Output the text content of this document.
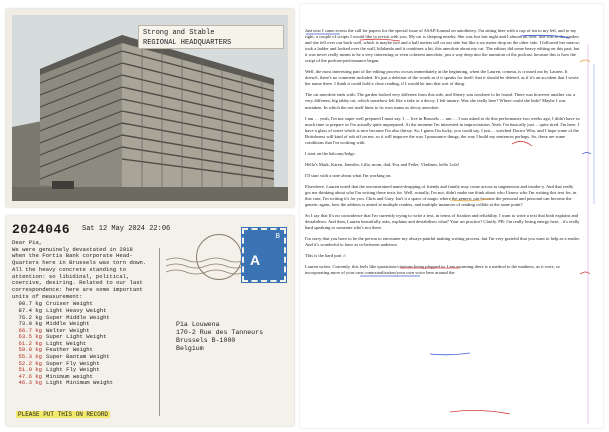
Strong and Stable
REGIONAL HEADQUARTERS
2024046 Sat 12 May 2024 22:06
Dear Pia,
We were genuinely devastated in 2018
when the Fortis Bank corporate Head-
Quarters here in Brussels was torn down.
All the heavy concrete standing to
attention: so libidinal, political,
coercive, desiring. Related to our last
correspondence: here are some important
units of measurement:
90.7 kg Cruiser Weight
87.4 kg Light Heavy Weight
76.2 kg Super Middle Weight
73.0 kg Middle Weight
66.7 kg Welter Weight
63.5 kg Super Light Weight
61.2 kg Light Weight
59.0 kg Feather Weight
55.3 kg Super Bantam Weight
52.2 kg Super Fly Weight
51.0 kg Light Fly Weight
47.6 kg Minimum weight
46.3 kg Light Minimum Weight
PLEASE PUT THIS ON RECORD
B
A
Pia Louwena
170-2 Rue des Tanneurs
Brussels B-1000
Belgium

Just now I came across the call for papers for the special issue of ASAP/Journal on autotheory. I'm sitting here with a cup of tea to my left, and to my right, a couple of scripts I would like to revisit with you. My cat is sleeping nearby. She was lost last night and I almost all over. She was in the garden and she fell over our back wall, which is maybe two and a half meters tall on our side but like a six meter drop on the other side. I followed her miaow; took a ladder and looked over the wall, hilalanda and it combines a bit, this anecdote about my cat. The editors did some heavy editing on this part, but it was never really meant to be a very interesting or even coherent anecdote, just a way deep into the narration of the podcast, because this is how the script of the podcast-performance began.

Well, the most interesting part of the editing process occurs immediately at the beginning, when the Lauren, comma, is crossed out by Lauren. It doesn't, there's no comment included. It's just a deletion of the words as if it speaks for itself: that it should be deleted, as if it's an accident that I wrote her name there. I think it could hold a close reading, if I would be into that sort of thing.

The cat anecdote ends with: The garden looked very different from this side, and Sherry was nowhere to be found. There was however another cat, a very different, big tabby cat, which somehow felt like a fake or a decoy. I felt unsure. Was she really here? Where could she hide? Maybe I was mistaken. In which the not itself hints to its own status as decoy anecdote.

I am … yeah, I'm not super well prepared I must say. I … live in Brussels … um … I was asked to do this performance two weeks ago, I didn't have so much time to prepare so I'm actually quite unprepared. At the moment I'm interested in improvisation. Yeah. I'm basically just… quite tired. I'm here, I have a glass of water which is nice because I'm also thirsty. So, I guess I'm lucky, you could say. I just… watched Doctor Who, and I hope some of the Britishness will kind of rub off on me, so it will improve the way I pronounce things, the way I build my sentences perhaps. So, these are some conditions that I'm working with.

I start on the balcony/ledge.

Hello's Mark, Karen, Jennifer, Lilla, mom, dad, Eva and Feike, Vladimir, hello Lola!

I'll start with a note about what I'm working on.

Elsewhere, Lauren noted that the unconstrained name-dropping of friends and family may come across as ungenerous and insider-y. And that really got me thinking about who I'm writing these texts for. Well, actually, I'm not, didn't make me think about who I know who I'm writing this text for, in this case, I'm writing it's for you. Chris and Gary. Isn't it a space of magic where the generic can become the personal and personal can become the generic again, how the address is aimed at multiple readers, and multiple instances of reading collide at the same point?

So I say that It's no coincidence that I'm currently trying to write a text, in terms of fixation and reliability. I want to write a text that both explains and destabilises. And then, Lauren beautifully asks, explains and destabilises what? Your art practice? Clarify. PB: I'm really losing energy here... it's really hard speaking to someone who's not there.

I'm sorry that you have to be the person to encounter my always painful making writing process, but I'm very grateful that you want to help as a reader. And it's wonderful to have as to-between audience.

This is the hard part :/:

Lauren writes: Currently, this feels like quotations/citations being plopped in. I am assuming there is a method to the madness, as it were, so incorporating more of your own contextualisation/your own voice here around the
